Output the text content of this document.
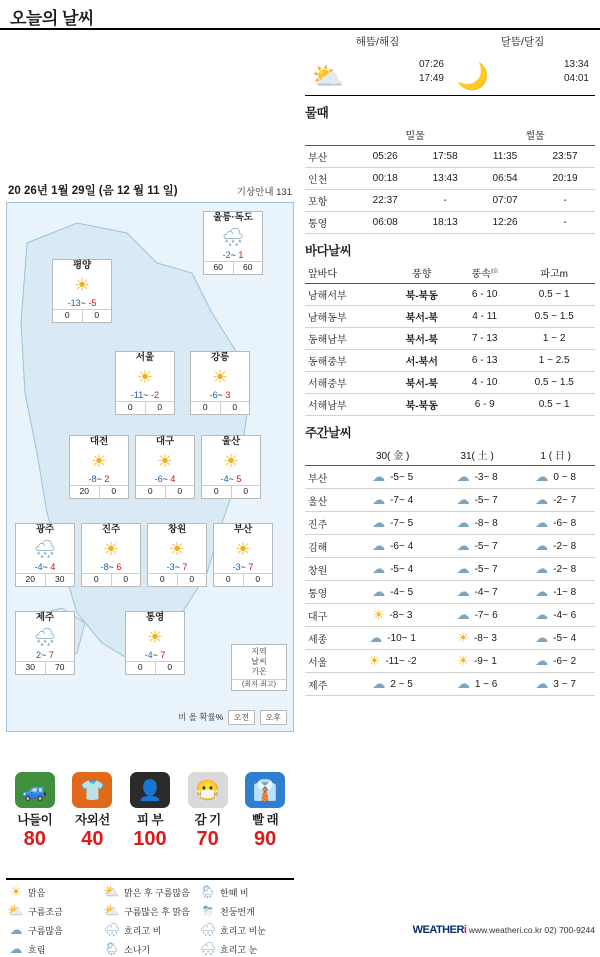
오늘의 날씨
20 26년 1월 29일 (음 12 월 11 일)	기상안내 131
울릉·독도
🌨
-2~ 1
60	60
평양
☀
-13~ -5
0	0
서울
☀
-11~ -2
0	0
강릉
☀
-6~ 3
0	0
대전
☀
-8~ 2
20	0
대구
☀
-6~ 4
0	0
울산
☀
-4~ 5
0	0
광주
🌨
-4~ 4
20	30
진주
☀
-8~ 6
0	0
창원
☀
-3~ 7
0	0
부산
☀
-3~ 7
0	0
제주
🌨
2~ 7
30	70
통영
☀
-4~ 7
0	0
지역
날씨
기온
(최저·최고)
비 올 확률% 오전 오후
🚙
나들이
80
👕
자외선
40
👤
피 부
100
😷
감 기
70
👔
빨 래
90
☀ 맑음	⛅ 맑은 후 구름많음 🌦 한때 비
⛅ 구름조금	⛅ 구름많은 후 맑음 ⛈ 천둥번개
☁ 구름많음	🌧 흐리고 비	🌧 흐리고 비눈
☁ 흐림	🌦 소나기	🌨 흐리고 눈
해뜸/해짐
⛅	07:26
17:49
달뜸/달짐
🌙	13:34
04:01
물때
	밀물		썰물	
부산	05:26	17:58	11:35	23:57
인천	00:18	13:43	06:54	20:19
포항	22:37	-	07:07	-
통영	06:08	18:13	12:26	-
바다날씨
앞바다	풍향	풍속㎧	파고m
남해서부	북-북동	6 - 10	0.5 ~ 1
남해동부	북서-북	4 - 11	0.5 ~ 1.5
동해남부	북서-북	7 - 13	1 ~ 2
동해중부	서-북서	6 - 13	1 ~ 2.5
서해중부	북서-북	4 - 10	0.5 ~ 1.5
서해남부	북-북동	6 - 9	0.5 ~ 1
주간날씨
	30( 金 )	31( 土 )	1 ( 日 )
부산	☁ -5~ 5	☁ -3~ 8	☁ 0 ~ 8

울산	☁ -7~ 4	☁ -5~ 7	☁ -2~ 7

진주	☁ -7~ 5	☁ -8~ 8	☁ -6~ 8

김해	☁ -6~ 4	☁ -5~ 7	☁ -2~ 8

창원	☁ -5~ 4	☁ -5~ 7	☁ -2~ 8

통영	☁ -4~ 5	☁ -4~ 7	☁ -1~ 8

대구	☀ -8~ 3	☁ -7~ 6	☁ -4~ 6

세종	☁ -10~ 1	☀ -8~ 3	☁ -5~ 4

서울	☀ -11~ -2	☀ -9~ 1	☁ -6~ 2

제주	☁ 2 ~ 5	☁ 1 ~ 6	☁ 3 ~ 7
WEATHERi www.weatheri.co.kr 02) 700-9244
